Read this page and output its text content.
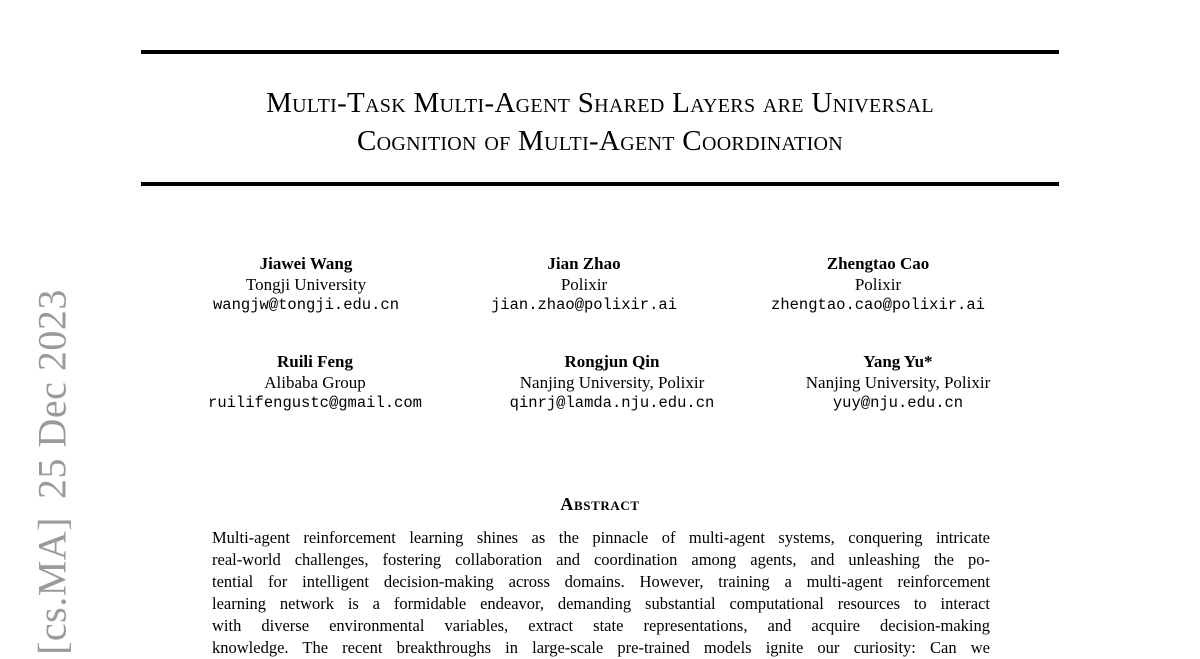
[cs.MA]25 Dec 2023
Multi-Task Multi-Agent Shared Layers are Universal
Cognition of Multi-Agent Coordination
Jiawei Wang
Tongji University
wangjw@tongji.edu.cn
Jian Zhao
Polixir
jian.zhao@polixir.ai
Zhengtao Cao
Polixir
zhengtao.cao@polixir.ai
Ruili Feng
Alibaba Group
ruilifengustc@gmail.com
Rongjun Qin
Nanjing University, Polixir
qinrj@lamda.nju.edu.cn
Yang Yu*
Nanjing University, Polixir
yuy@nju.edu.cn
Abstract
Multi-agent reinforcement learning shines as the pinnacle of multi-agent systems, conquering intricate
real-world challenges, fostering collaboration and coordination among agents, and unleashing the po-
tential for intelligent decision-making across domains. However, training a multi-agent reinforcement
learning network is a formidable endeavor, demanding substantial computational resources to interact
with diverse environmental variables, extract state representations, and acquire decision-making
knowledge. The recent breakthroughs in large-scale pre-trained models ignite our curiosity: Can we
